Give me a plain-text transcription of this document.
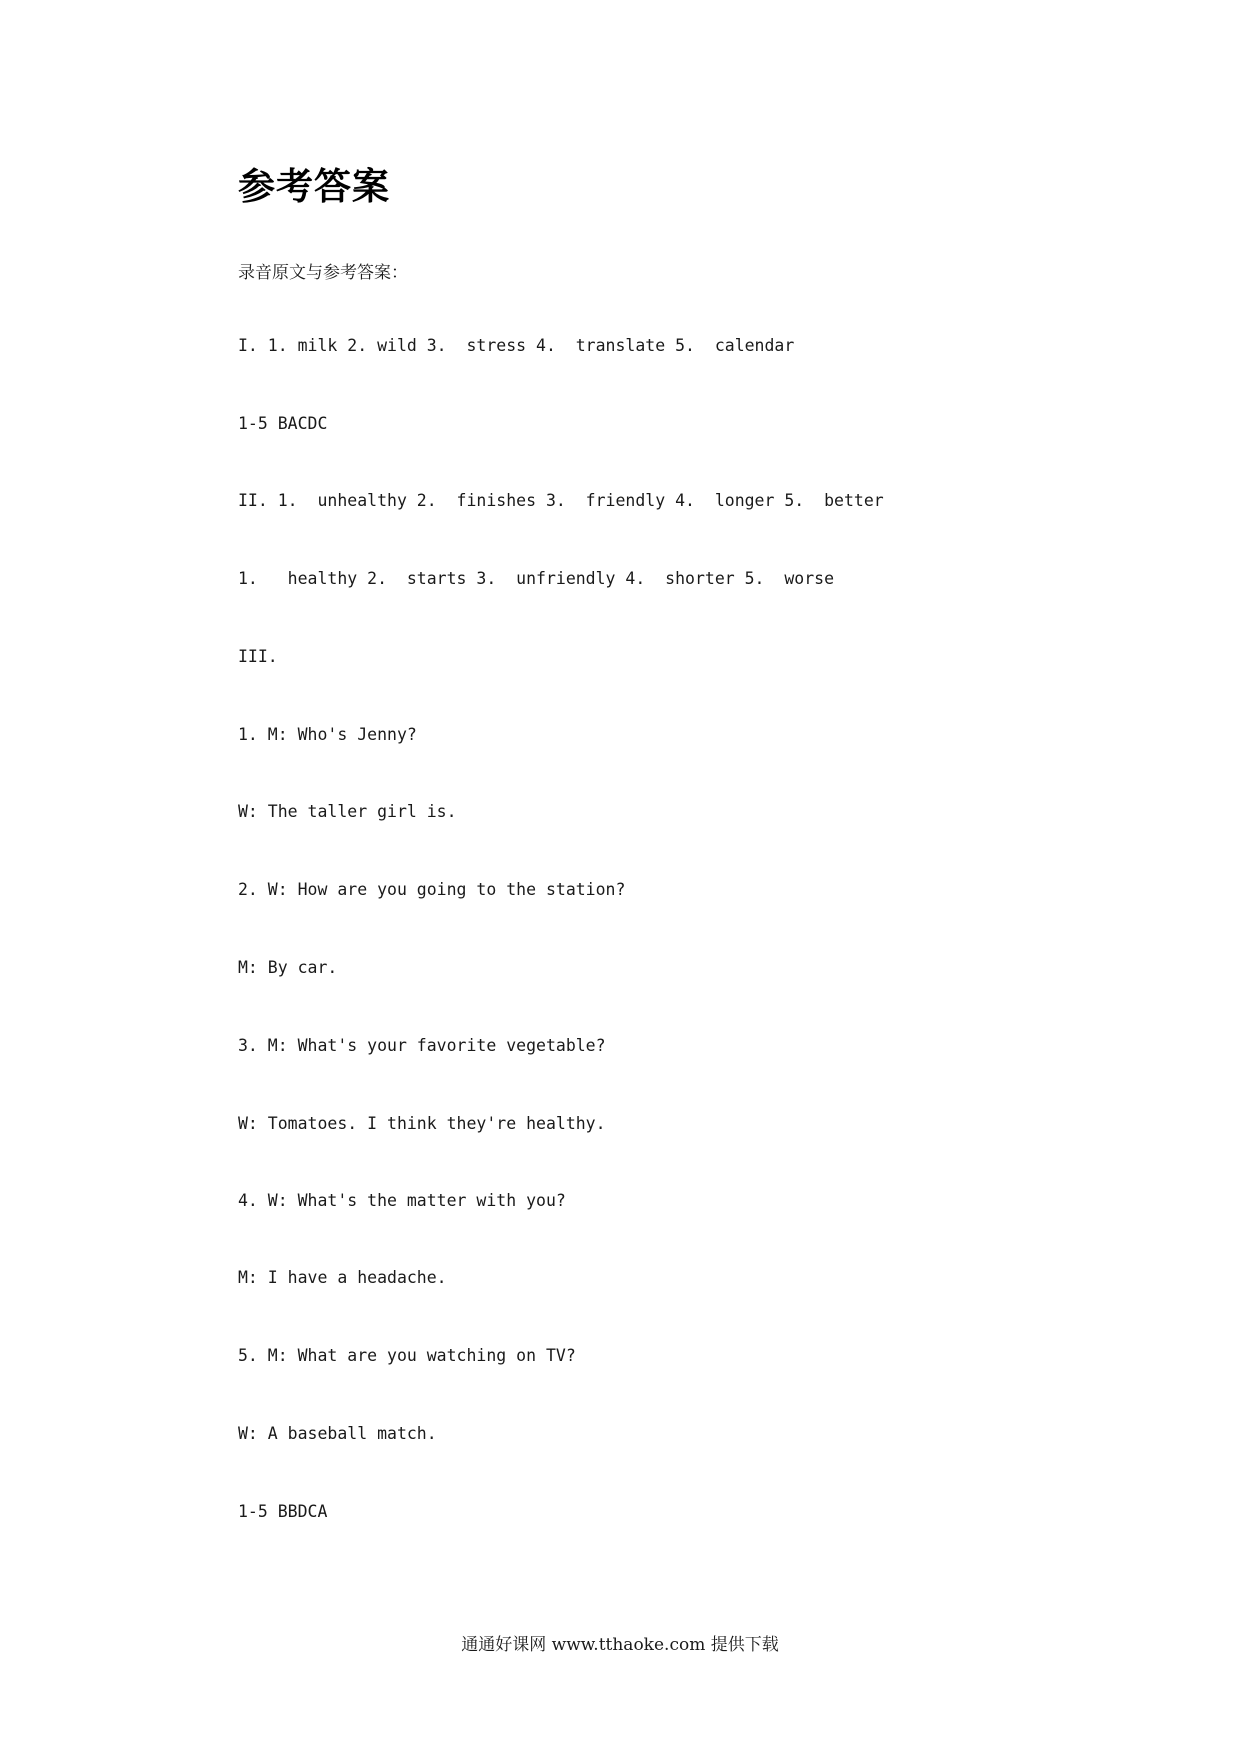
参考答案

录音原文与参考答案：

I. 1. milk 2. wild 3.  stress 4.  translate 5.  calendar

1-5 BACDC

II. 1.  unhealthy 2.  finishes 3.  friendly 4.  longer 5.  better

1.   healthy 2.  starts 3.  unfriendly 4.  shorter 5.  worse

III.

1. M: Who's Jenny?

W: The taller girl is.

2. W: How are you going to the station?

M: By car.

3. M: What's your favorite vegetable?

W: Tomatoes. I think they're healthy.

4. W: What's the matter with you?

M: I have a headache.

5. M: What are you watching on TV?

W: A baseball match.

1-5 BBDCA

通通好课网 www.tthaoke.com 提供下载
